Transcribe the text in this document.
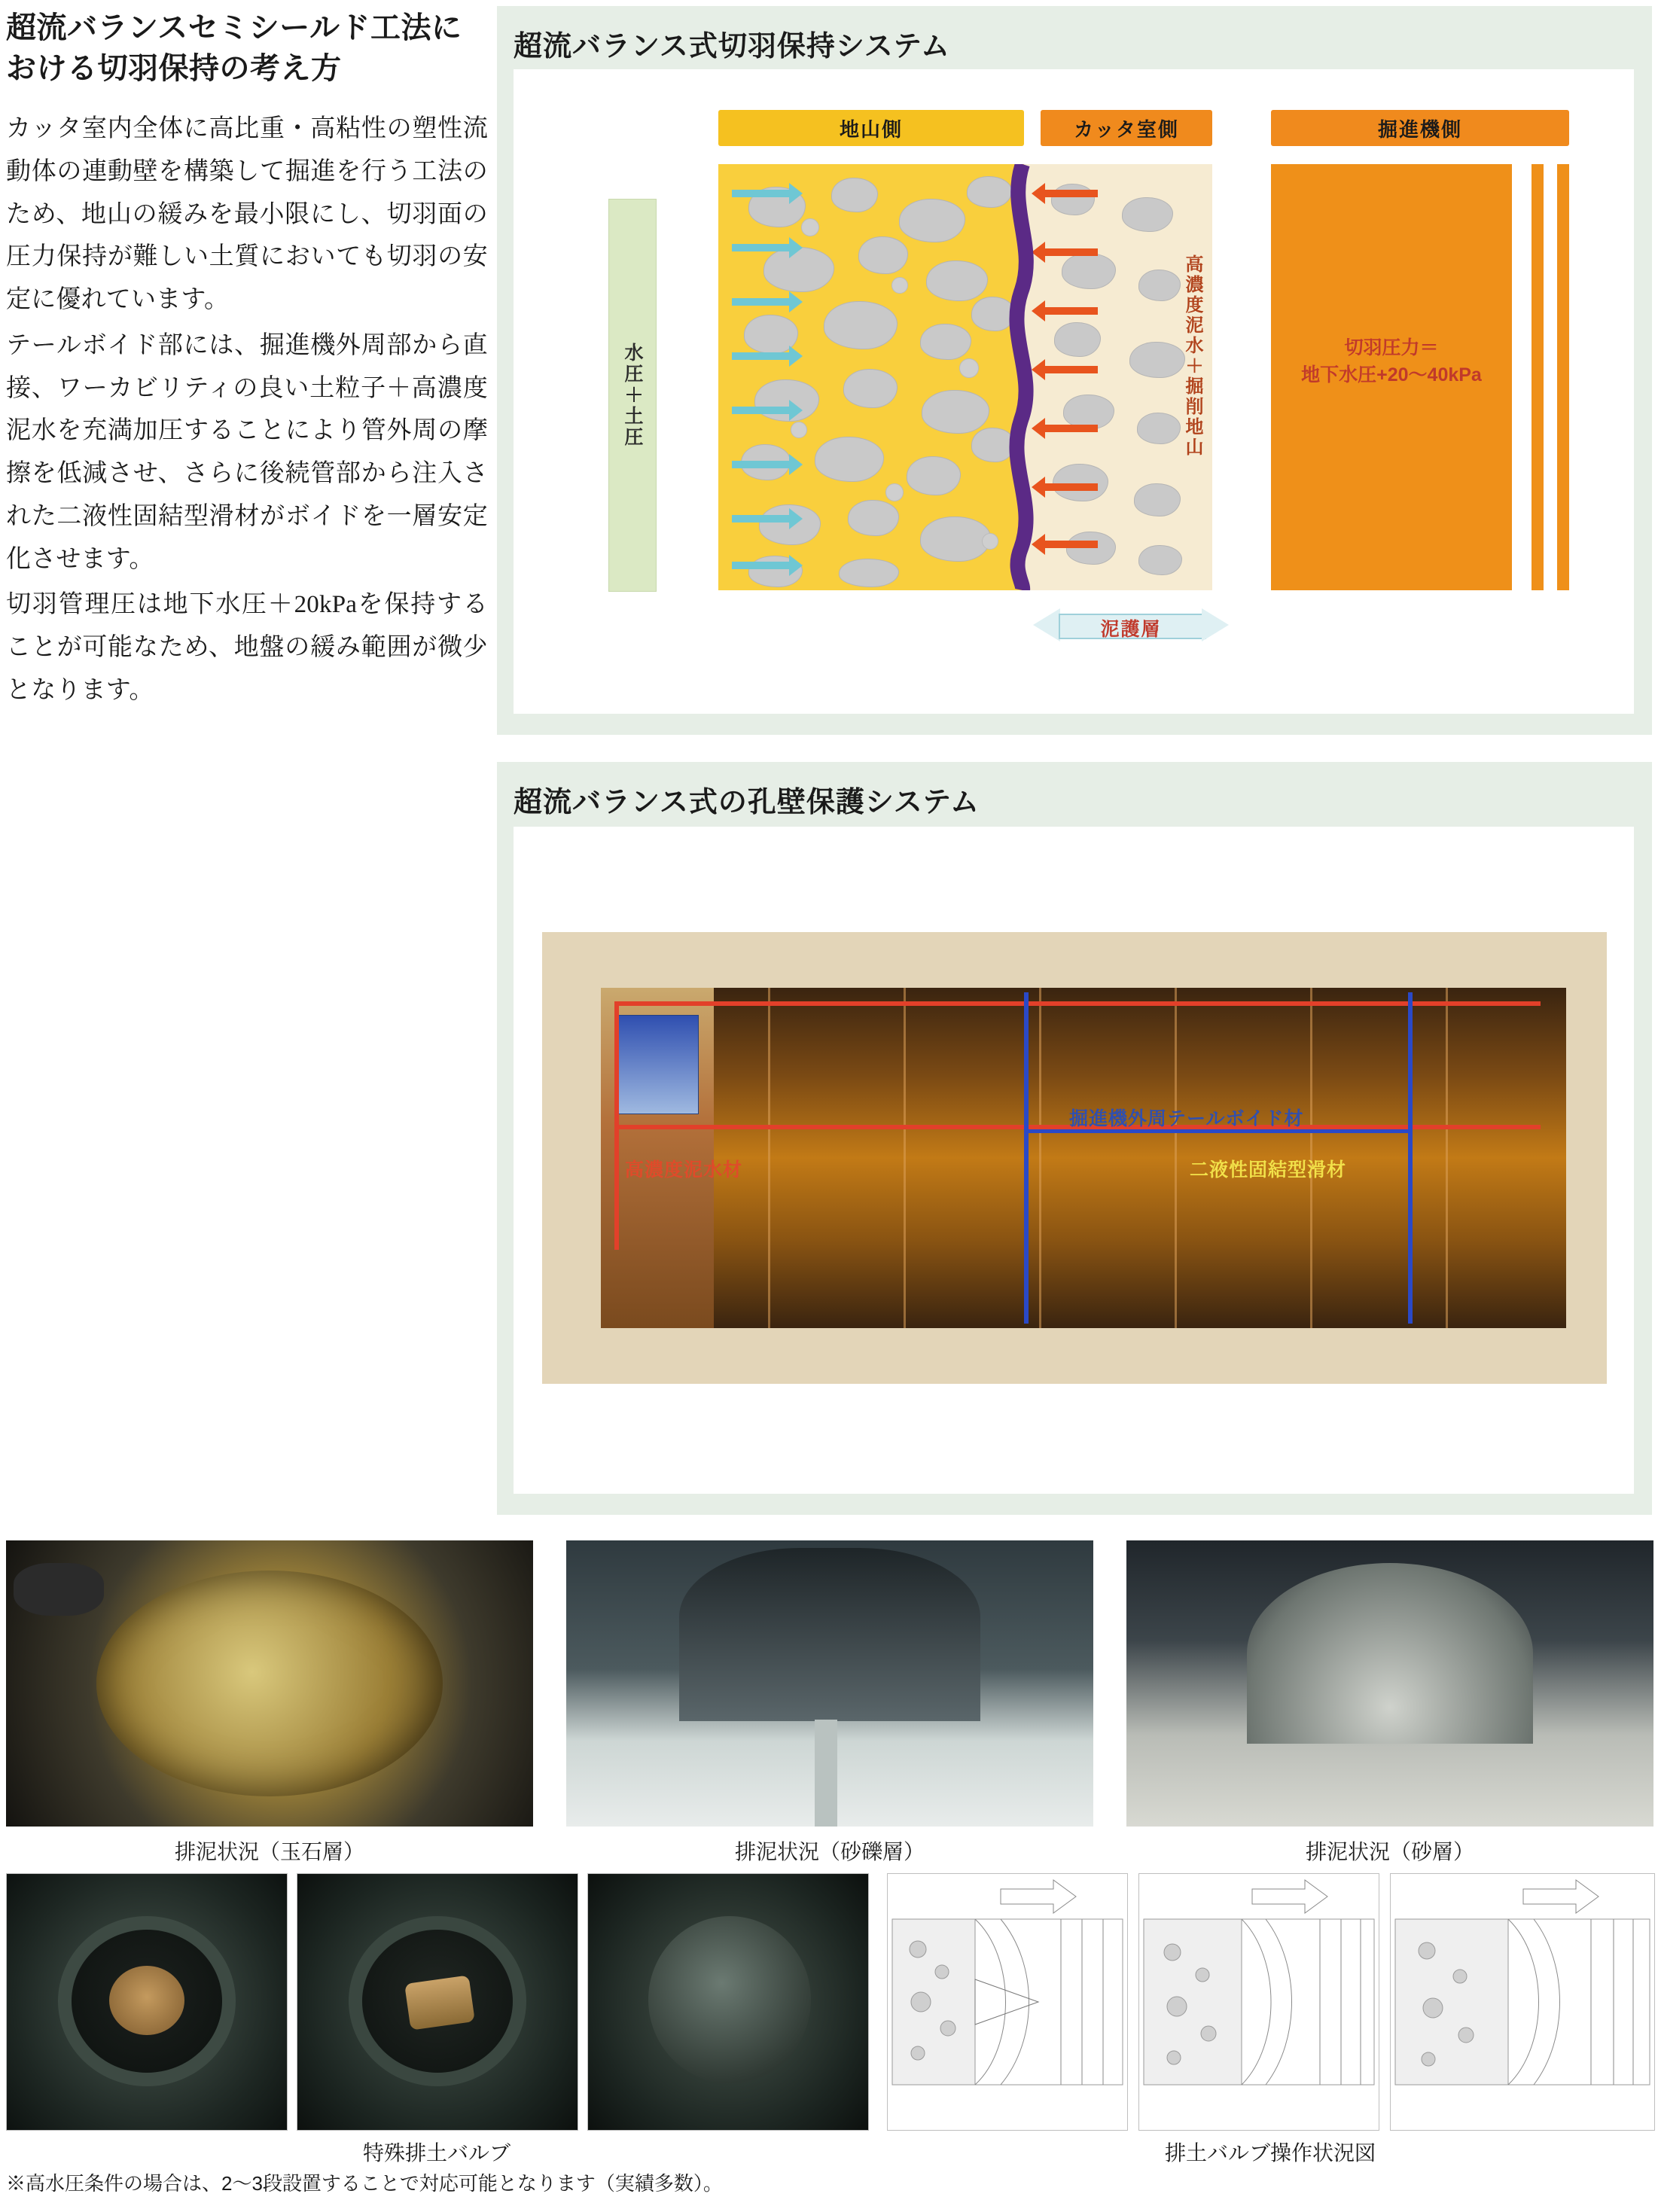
超流バランスセミシールド工法における切羽保持の考え方

カッタ室内全体に高比重・高粘性の塑性流動体の連動壁を構築して掘進を行う工法のため、地山の緩みを最小限にし、切羽面の圧力保持が難しい土質においても切羽の安定に優れています。

テールボイド部には、掘進機外周部から直接、ワーカビリティの良い土粒子＋高濃度泥水を充満加圧することにより管外周の摩擦を低減させ、さらに後続管部から注入された二液性固結型滑材がボイドを一層安定化させます。

切羽管理圧は地下水圧＋20kPaを保持することが可能なため、地盤の緩み範囲が微少となります。

超流バランス式切羽保持システム
地山側	カッタ室側	掘進機側
水圧＋土圧	高濃度泥水＋掘削地山	切羽圧力＝
地下水圧+20〜40kPa
泥護層
超流バランス式の孔壁保護システム
掘進機外周テールボイド材
二液性固結型滑材
高濃度泥水材
排泥状況（玉石層）	排泥状況（砂礫層）	排泥状況（砂層）
特殊排土バルブ	排土バルブ操作状況図
※高水圧条件の場合は、2〜3段設置することで対応可能となります（実績多数）。
